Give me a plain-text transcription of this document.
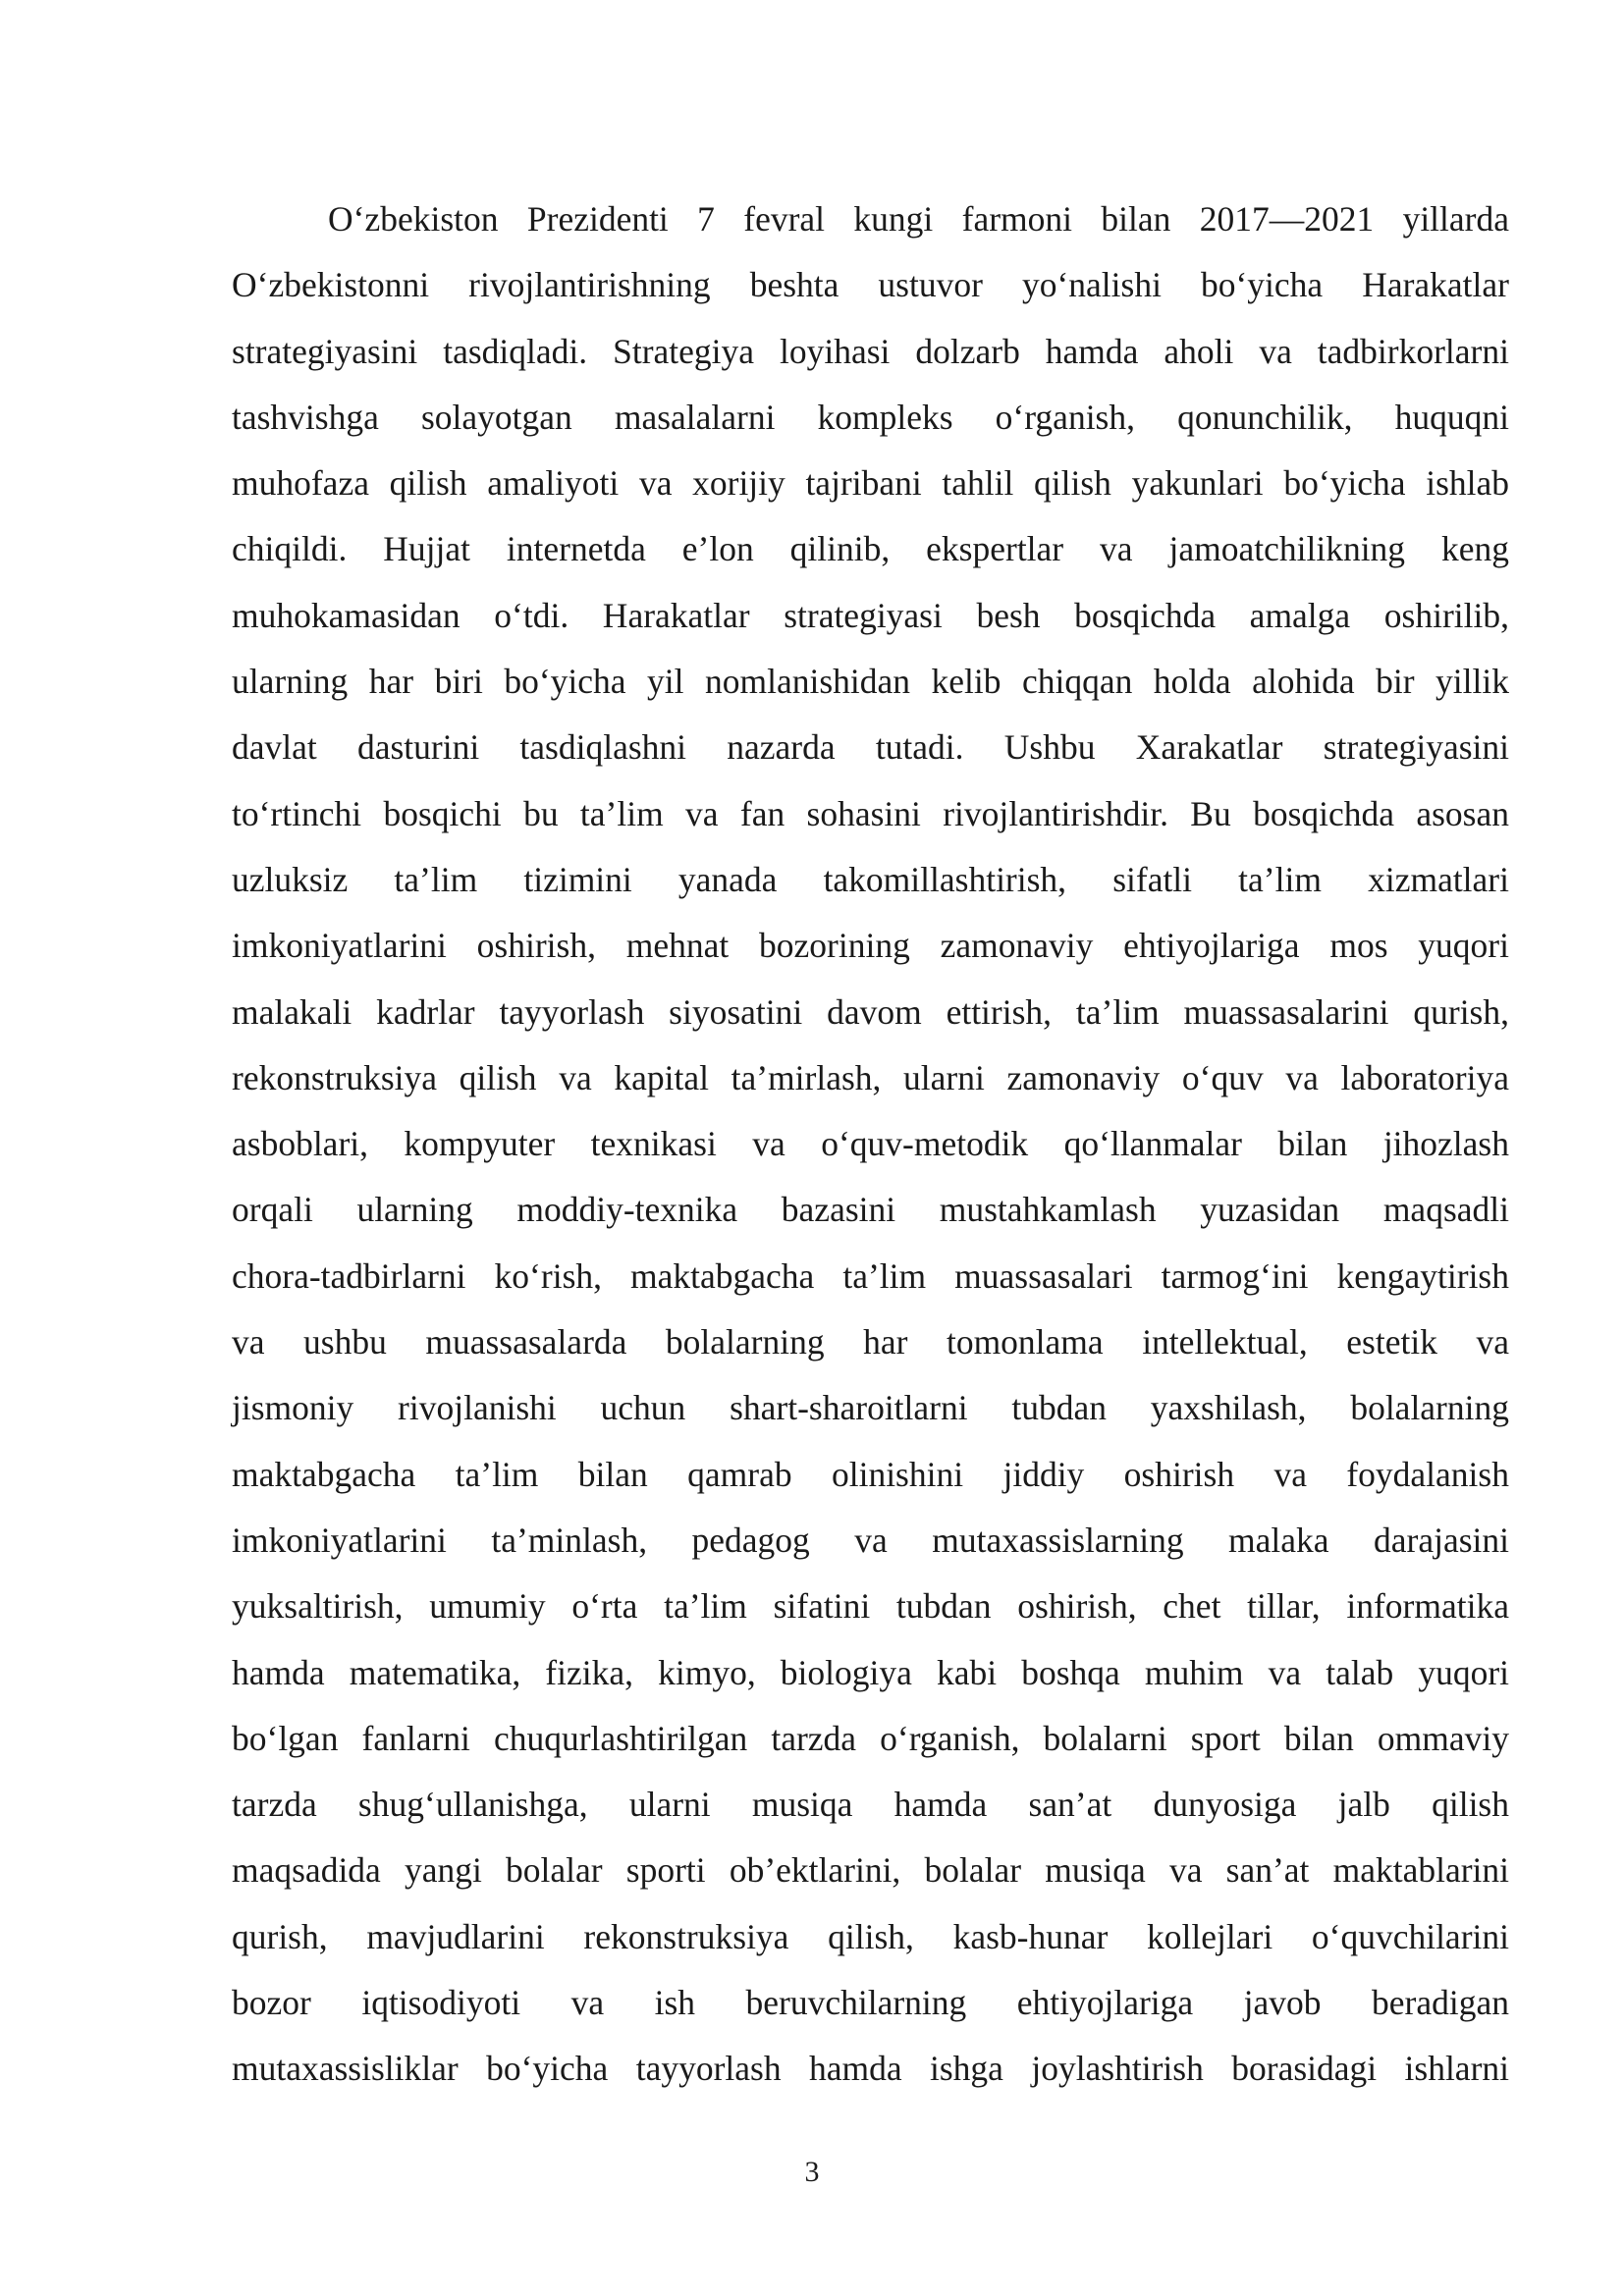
O‘zbekiston Prezidenti 7 fevral kungi farmoni bilan 2017—2021 yillarda
O‘zbekistonni rivojlantirishning beshta ustuvor yo‘nalishi bo‘yicha Harakatlar
strategiyasini tasdiqladi. Strategiya loyihasi dolzarb hamda aholi va tadbirkorlarni
tashvishga solayotgan masalalarni kompleks o‘rganish, qonunchilik, huquqni
muhofaza qilish amaliyoti va xorijiy tajribani tahlil qilish yakunlari bo‘yicha ishlab
chiqildi. Hujjat internetda e’lon qilinib, ekspertlar va jamoatchilikning keng
muhokamasidan o‘tdi. Harakatlar strategiyasi besh bosqichda amalga oshirilib,
ularning har biri bo‘yicha yil nomlanishidan kelib chiqqan holda alohida bir yillik
davlat dasturini tasdiqlashni nazarda tutadi. Ushbu Xarakatlar strategiyasini
to‘rtinchi bosqichi bu ta’lim va fan sohasini rivojlantirishdir. Bu bosqichda asosan
uzluksiz ta’lim tizimini yanada takomillashtirish, sifatli ta’lim xizmatlari
imkoniyatlarini oshirish, mehnat bozorining zamonaviy ehtiyojlariga mos yuqori
malakali kadrlar tayyorlash siyosatini davom ettirish, ta’lim muassasalarini qurish,
rekonstruksiya qilish va kapital ta’mirlash, ularni zamonaviy o‘quv va laboratoriya
asboblari, kompyuter texnikasi va o‘quv-metodik qo‘llanmalar bilan jihozlash
orqali ularning moddiy-texnika bazasini mustahkamlash yuzasidan maqsadli
chora-tadbirlarni ko‘rish, maktabgacha ta’lim muassasalari tarmog‘ini kengaytirish
va ushbu muassasalarda bolalarning har tomonlama intellektual, estetik va
jismoniy rivojlanishi uchun shart-sharoitlarni tubdan yaxshilash, bolalarning
maktabgacha ta’lim bilan qamrab olinishini jiddiy oshirish va foydalanish
imkoniyatlarini ta’minlash, pedagog va mutaxassislarning malaka darajasini
yuksaltirish, umumiy o‘rta ta’lim sifatini tubdan oshirish, chet tillar, informatika
hamda matematika, fizika, kimyo, biologiya kabi boshqa muhim va talab yuqori
bo‘lgan fanlarni chuqurlashtirilgan tarzda o‘rganish, bolalarni sport bilan ommaviy
tarzda shug‘ullanishga, ularni musiqa hamda san’at dunyosiga jalb qilish
maqsadida yangi bolalar sporti ob’ektlarini, bolalar musiqa va san’at maktablarini
qurish, mavjudlarini rekonstruksiya qilish, kasb-hunar kollejlari o‘quvchilarini
bozor iqtisodiyoti va ish beruvchilarning ehtiyojlariga javob beradigan
mutaxassisliklar bo‘yicha tayyorlash hamda ishga joylashtirish borasidagi ishlarni

3
